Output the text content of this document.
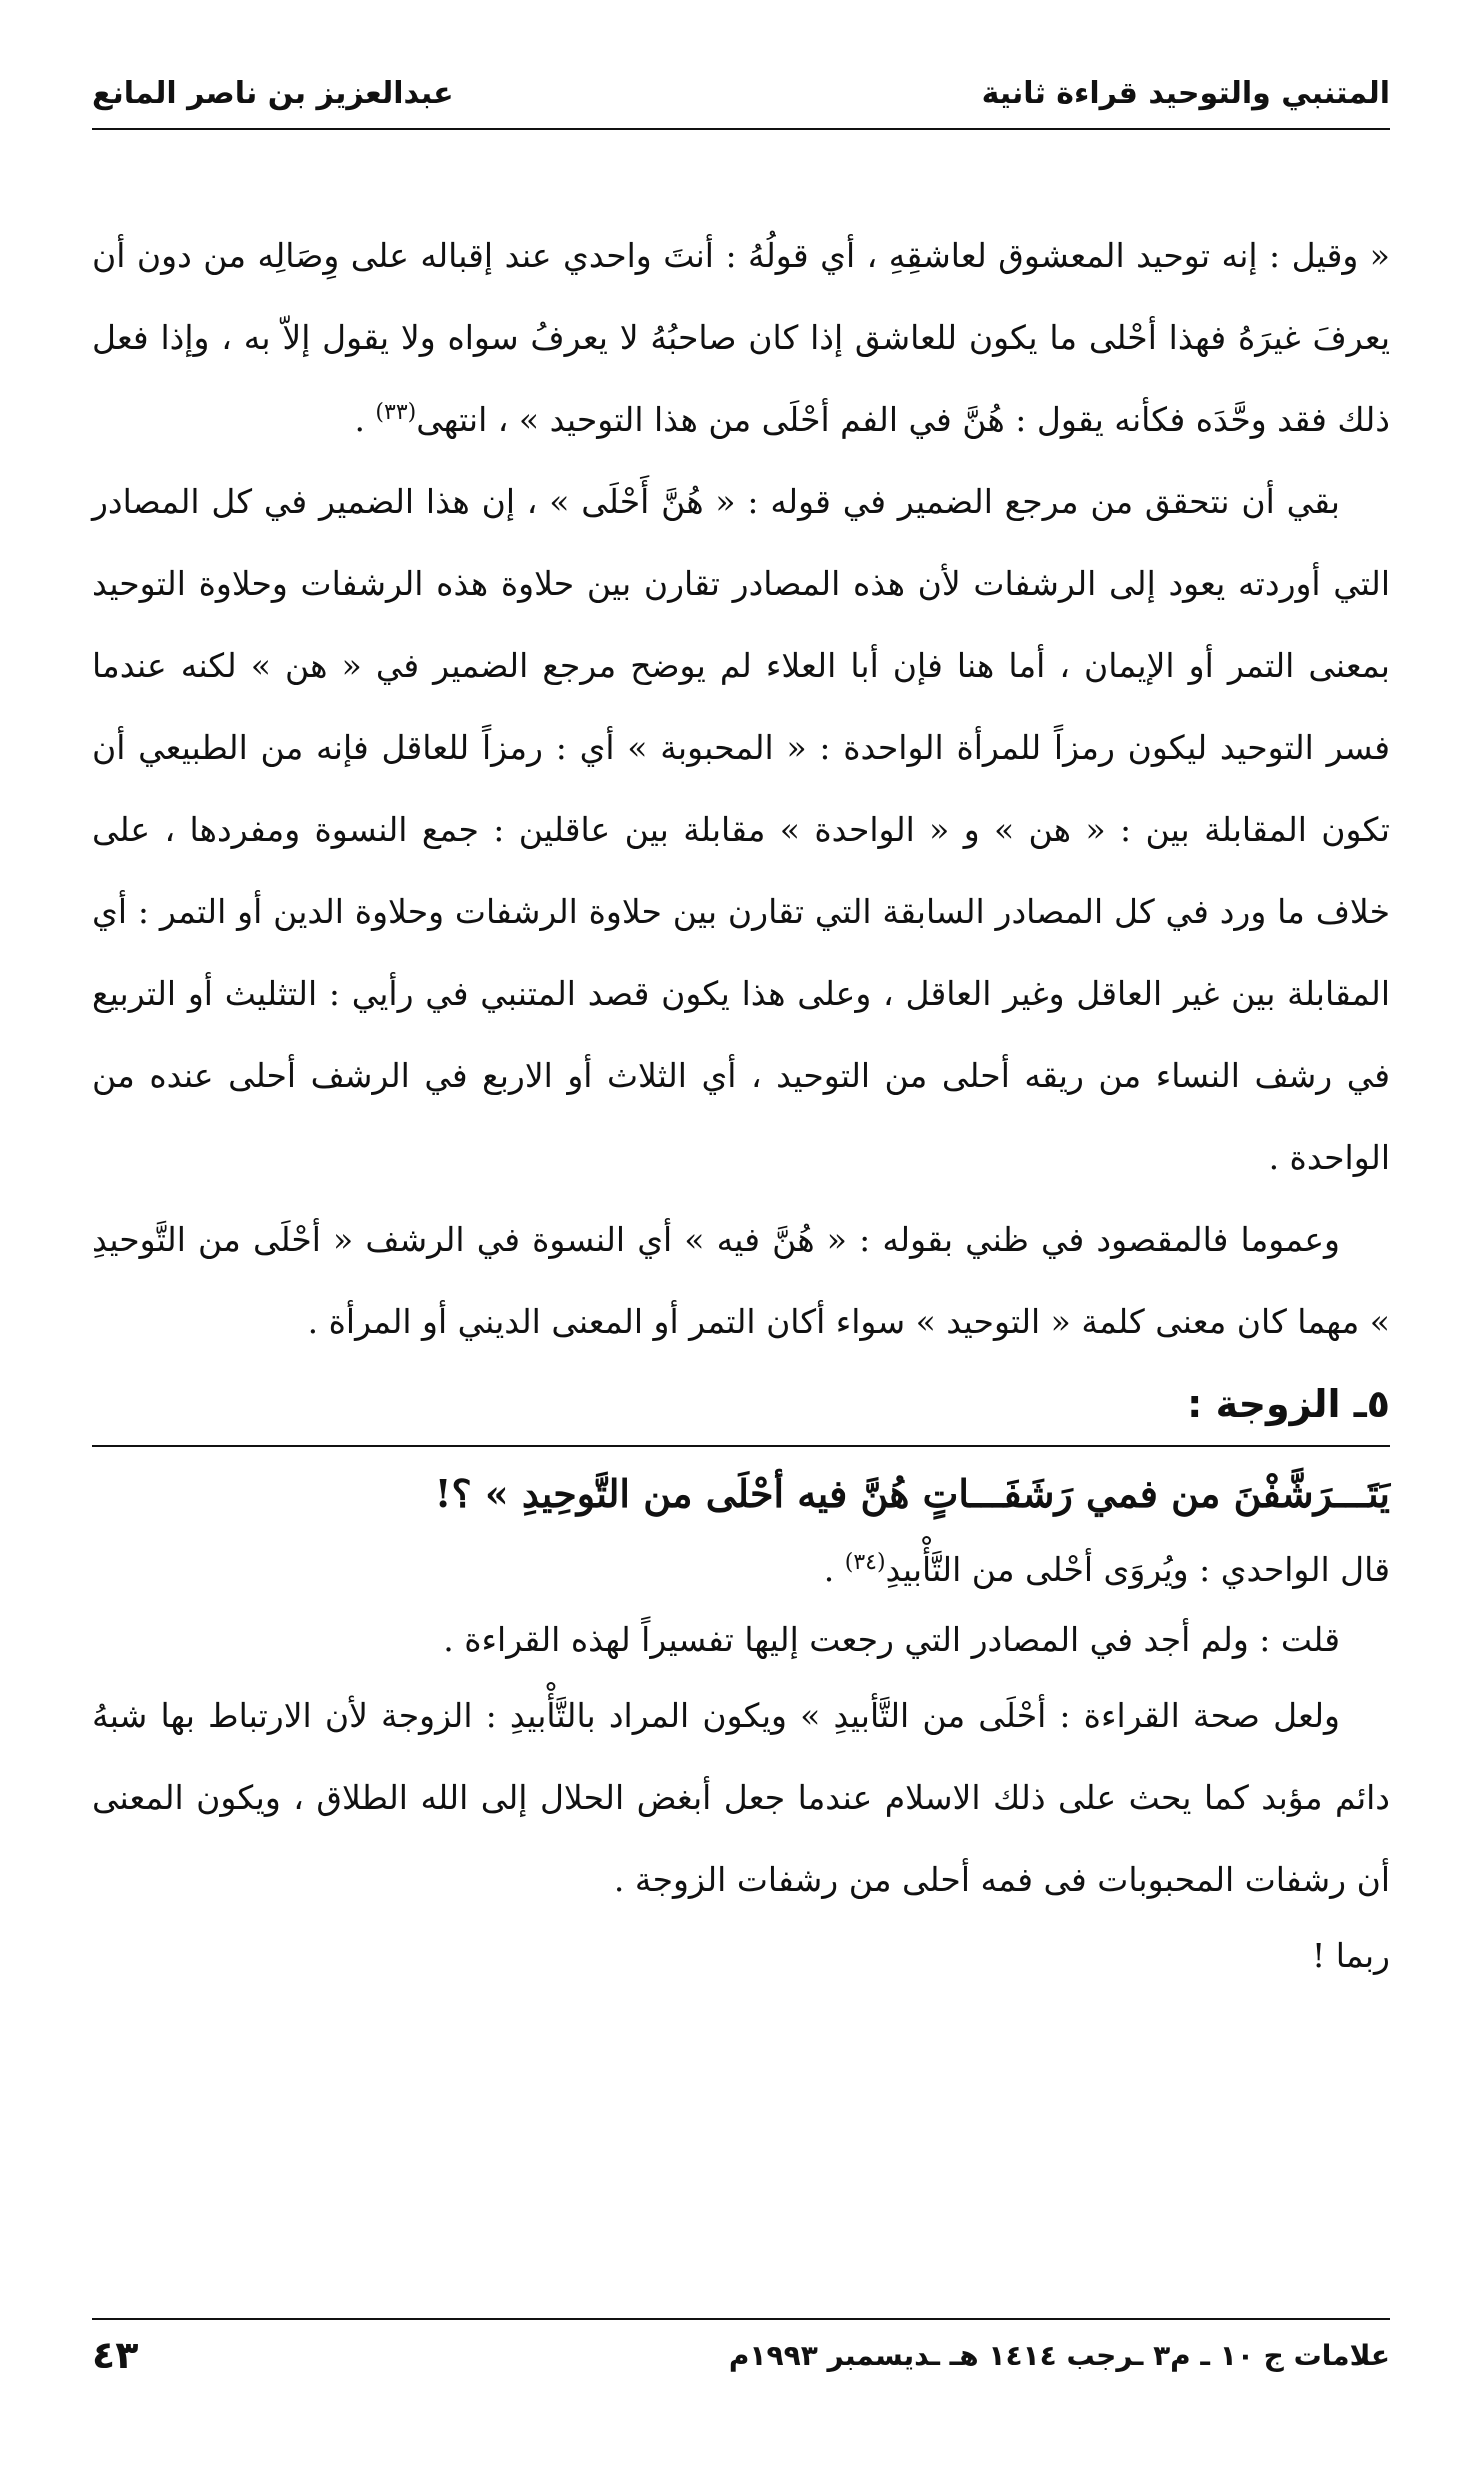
المتنبي والتوحيد قراءة ثانية
عبدالعزيز بن ناصر المانع

« وقيل : إنه توحيد المعشوق لعاشقِهِ ، أي قولُهُ : أنتَ واحدي عند إقباله على وِصَالِه من دون أن يعرفَ غيرَهُ فهذا أحْلى ما يكون للعاشق إذا كان صاحبُهُ لا يعرفُ سواه ولا يقول إلاّ به ، وإذا فعل ذلك فقد وحَّدَه فكأنه يقول : هُنَّ في الفم أحْلَى من هذا التوحيد » ، انتهى$^{(٣٣)}$ .

بقي أن نتحقق من مرجع الضمير في قوله : « هُنَّ أَحْلَى » ، إن هذا الضمير في كل المصادر التي أوردته يعود إلى الرشفات لأن هذه المصادر تقارن بين حلاوة هذه الرشفات وحلاوة التوحيد بمعنى التمر أو الإيمان ، أما هنا فإن أبا العلاء لم يوضح مرجع الضمير في « هن » لكنه عندما فسر التوحيد ليكون رمزاً للمرأة الواحدة : « المحبوبة » أي : رمزاً للعاقل فإنه من الطبيعي أن تكون المقابلة بين : « هن » و « الواحدة » مقابلة بين عاقلين : جمع النسوة ومفردها ، على خلاف ما ورد في كل المصادر السابقة التي تقارن بين حلاوة الرشفات وحلاوة الدين أو التمر : أي المقابلة بين غير العاقل وغير العاقل ، وعلى هذا يكون قصد المتنبي في رأيي : التثليث أو التربيع في رشف النساء من ريقه أحلى من التوحيد ، أي الثلاث أو الاربع في الرشف أحلى عنده من الواحدة .

وعموما فالمقصود في ظني بقوله : « هُنَّ فيه » أي النسوة في الرشف « أحْلَى من التَّوحيدِ » مهما كان معنى كلمة « التوحيد » سواء أكان التمر أو المعنى الديني أو المرأة .

٥ـ الزوجة :

يَتَـــرَشَّفْنَ من فمي رَشَفَـــاتٍ هُنَّ فيه أحْلَى من التَّوحِيدِ » ؟!

قال الواحدي : ويُروَى أحْلى من التَّأْبيدِ$^{(٣٤)}$ .

قلت : ولم أجد في المصادر التي رجعت إليها تفسيراً لهذه القراءة .

ولعل صحة القراءة : أحْلَى من التَّأبيدِ » ويكون المراد بالتَّأْبيدِ : الزوجة لأن الارتباط بها شبهُ دائم مؤبد كما يحث على ذلك الاسلام عندما جعل أبغض الحلال إلى الله الطلاق ، ويكون المعنى أن رشفات المحبوبات فى فمه أحلى من رشفات الزوجة .

ربما !

علامات ج ١٠ ـ م٣ ـرجب ١٤١٤ هـ ـديسمبر ١٩٩٣م
٤٣
